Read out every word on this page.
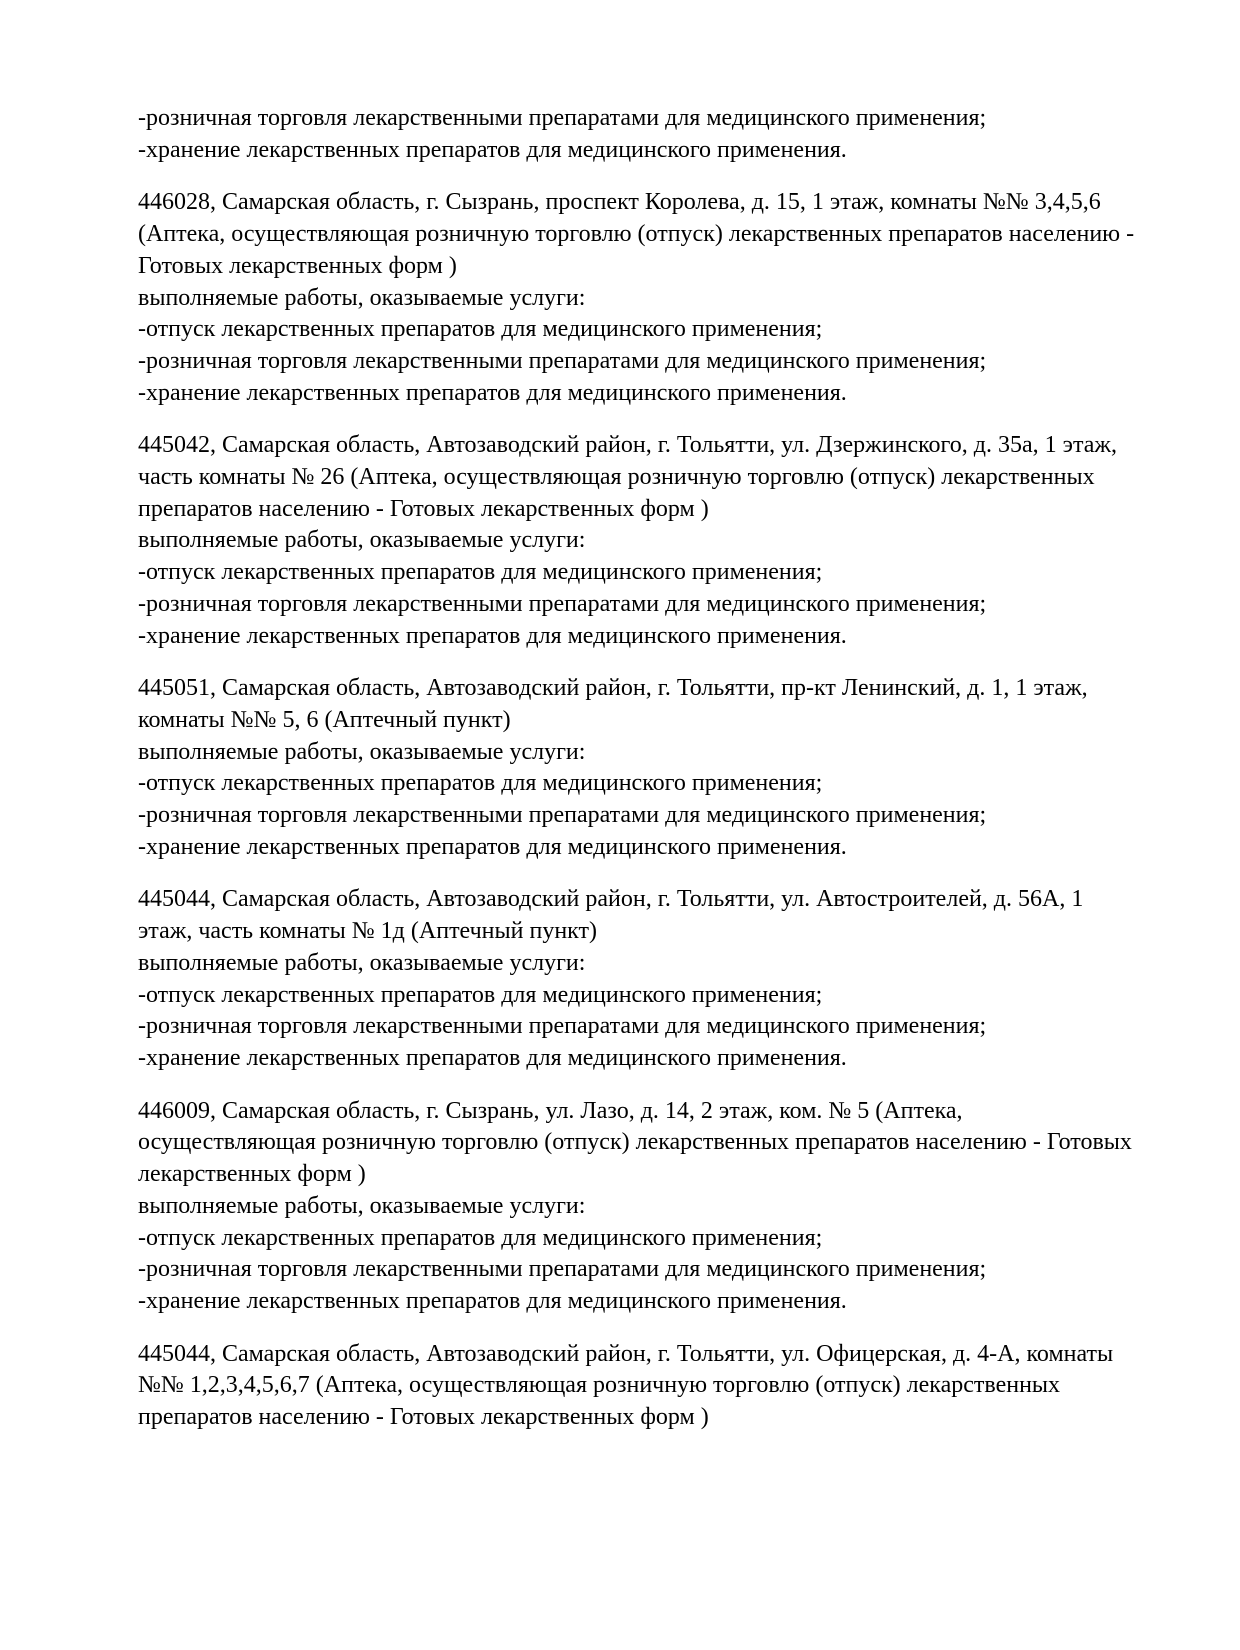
-розничная торговля лекарственными препаратами для медицинского применения;
-хранение лекарственных препаратов для медицинского применения.
446028, Самарская область, г. Сызрань, проспект Королева, д. 15, 1 этаж, комнаты №№ 3,4,5,6
(Аптека, осуществляющая розничную торговлю (отпуск) лекарственных препаратов населению -
Готовых лекарственных форм )
выполняемые работы, оказываемые услуги:
-отпуск лекарственных препаратов для медицинского применения;
-розничная торговля лекарственными препаратами для медицинского применения;
-хранение лекарственных препаратов для медицинского применения.
445042, Самарская область, Автозаводский район, г. Тольятти, ул. Дзержинского, д. 35а, 1 этаж,
часть комнаты № 26 (Аптека, осуществляющая розничную торговлю (отпуск) лекарственных
препаратов населению - Готовых лекарственных форм )
выполняемые работы, оказываемые услуги:
-отпуск лекарственных препаратов для медицинского применения;
-розничная торговля лекарственными препаратами для медицинского применения;
-хранение лекарственных препаратов для медицинского применения.
445051, Самарская область, Автозаводский район, г. Тольятти, пр-кт Ленинский, д. 1, 1 этаж,
комнаты №№ 5, 6 (Аптечный пункт)
выполняемые работы, оказываемые услуги:
-отпуск лекарственных препаратов для медицинского применения;
-розничная торговля лекарственными препаратами для медицинского применения;
-хранение лекарственных препаратов для медицинского применения.
445044, Самарская область, Автозаводский район, г. Тольятти, ул. Автостроителей, д. 56А, 1
этаж, часть комнаты № 1д (Аптечный пункт)
выполняемые работы, оказываемые услуги:
-отпуск лекарственных препаратов для медицинского применения;
-розничная торговля лекарственными препаратами для медицинского применения;
-хранение лекарственных препаратов для медицинского применения.
446009, Самарская область, г. Сызрань, ул. Лазо, д. 14, 2 этаж, ком. № 5 (Аптека,
осуществляющая розничную торговлю (отпуск) лекарственных препаратов населению - Готовых
лекарственных форм )
выполняемые работы, оказываемые услуги:
-отпуск лекарственных препаратов для медицинского применения;
-розничная торговля лекарственными препаратами для медицинского применения;
-хранение лекарственных препаратов для медицинского применения.
445044, Самарская область, Автозаводский район, г. Тольятти, ул. Офицерская, д. 4-А, комнаты
№№ 1,2,3,4,5,6,7 (Аптека, осуществляющая розничную торговлю (отпуск) лекарственных
препаратов населению - Готовых лекарственных форм )
